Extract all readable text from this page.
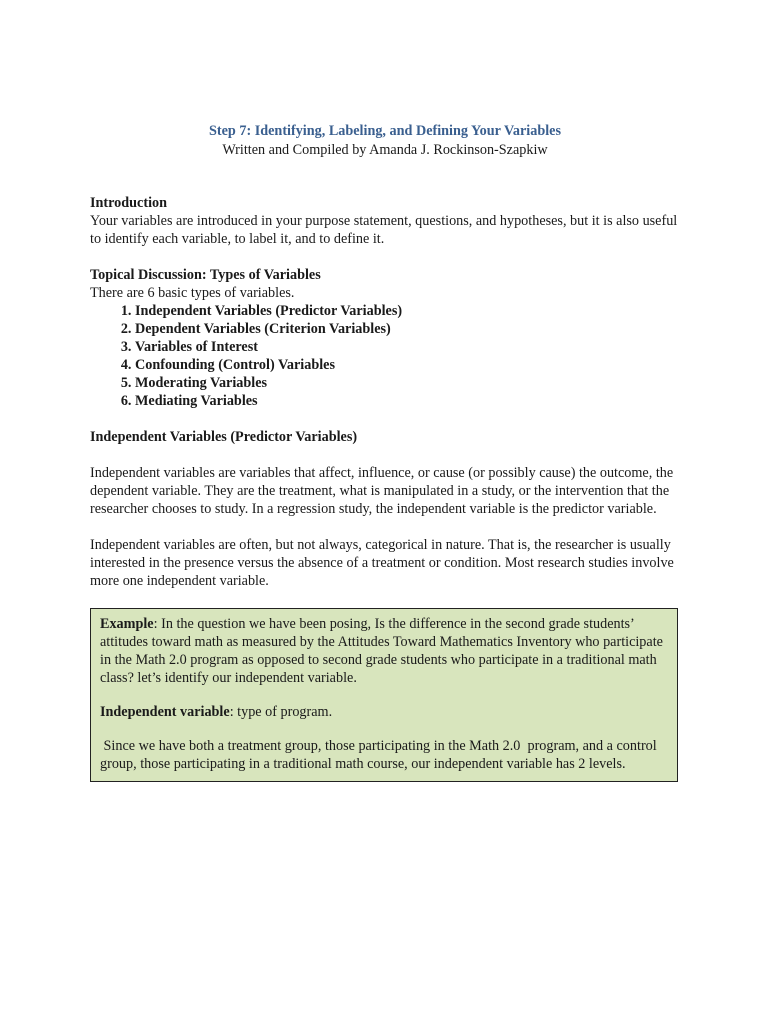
Step 7: Identifying, Labeling, and Defining Your Variables

Written and Compiled by Amanda J. Rockinson-Szapkiw

Introduction

Your variables are introduced in your purpose statement, questions, and hypotheses, but it is also useful to identify each variable, to label it, and to define it.

Topical Discussion: Types of Variables

There are 6 basic types of variables.

1. Independent Variables (Predictor Variables)
2. Dependent Variables (Criterion Variables)
3. Variables of Interest
4. Confounding (Control) Variables
5. Moderating Variables
6. Mediating Variables

Independent Variables (Predictor Variables)

Independent variables are variables that affect, influence, or cause (or possibly cause) the outcome, the dependent variable. They are the treatment, what is manipulated in a study, or the intervention that the researcher chooses to study. In a regression study, the independent variable is the predictor variable.

Independent variables are often, but not always, categorical in nature. That is, the researcher is usually interested in the presence versus the absence of a treatment or condition. Most research studies involve more one independent variable.

Example: In the question we have been posing, Is the difference in the second grade students’ attitudes toward math as measured by the Attitudes Toward Mathematics Inventory who participate in the Math 2.0 program as opposed to second grade students who participate in a traditional math class? let’s identify our independent variable.

Independent variable: type of program.

Since we have both a treatment group, those participating in the Math 2.0  program, and a control group, those participating in a traditional math course, our independent variable has 2 levels.
